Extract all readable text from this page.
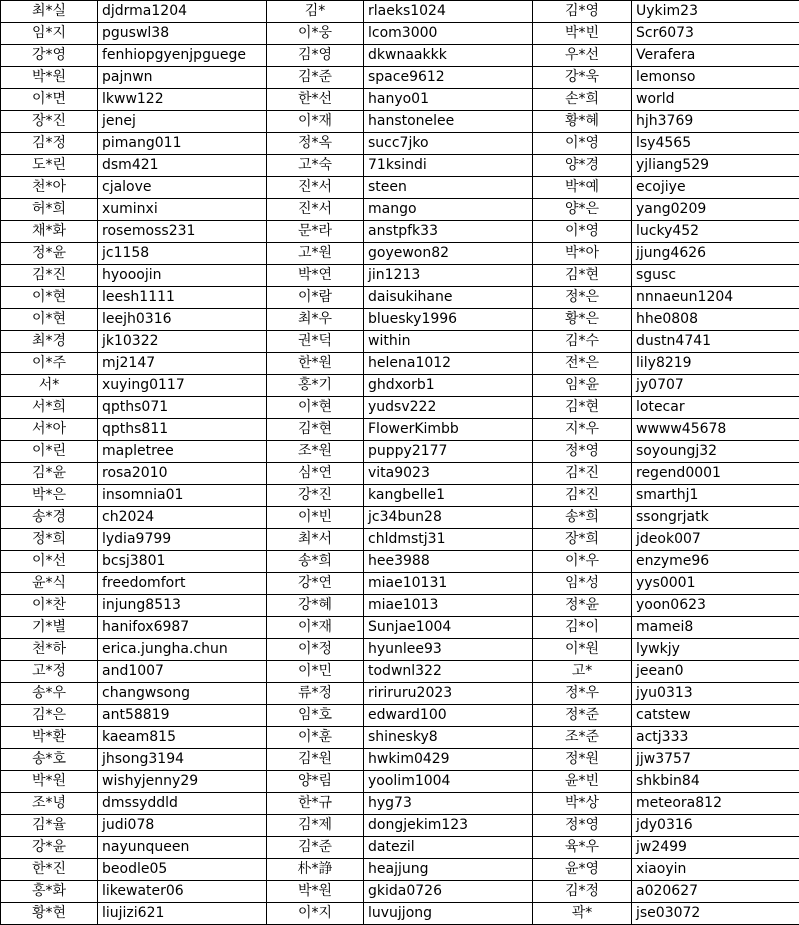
최*실	djdrma1204	김*	rlaeks1024	김*영	Uykim23
임*지	pguswl38	이*웅	lcom3000	박*빈	Scr6073
강*영	fenhiopgyenjpguege	김*영	dkwnaakkk	우*선	Verafera
박*원	pajnwn	김*준	space9612	강*욱	lemonso
이*면	lkww122	한*선	hanyo01	손*희	world
장*진	jenej	이*재	hanstonelee	황*혜	hjh3769
김*정	pimang011	정*옥	succ7jko	이*영	lsy4565
도*린	dsm421	고*숙	71ksindi	양*경	yjliang529
천*아	cjalove	진*서	steen	박*예	ecojiye
허*희	xuminxi	진*서	mango	양*은	yang0209
채*화	rosemoss231	문*라	anstpfk33	이*영	lucky452
정*윤	jc1158	고*원	goyewon82	박*아	jjung4626
김*진	hyooojin	박*연	jin1213	김*현	sgusc
이*현	leesh1111	이*람	daisukihane	정*은	nnnaeun1204
이*현	leejh0316	최*우	bluesky1996	황*은	hhe0808
최*경	jk10322	권*덕	within	김*수	dustn4741
이*주	mj2147	한*원	helena1012	전*은	lily8219
서*	xuying0117	홍*기	ghdxorb1	임*윤	jy0707
서*희	qpths071	이*현	yudsv222	김*현	lotecar
서*아	qpths811	김*현	FlowerKimbb	지*우	wwww45678
이*린	mapletree	조*원	puppy2177	정*영	soyoungj32
김*윤	rosa2010	심*연	vita9023	김*진	regend0001
박*은	insomnia01	강*진	kangbelle1	김*진	smarthj1
송*경	ch2024	이*빈	jc34bun28	송*희	ssongrjatk
정*희	lydia9799	최*서	chldmstj31	장*희	jdeok007
이*선	bcsj3801	송*희	hee3988	이*우	enzyme96
윤*식	freedomfort	강*연	miae10131	임*성	yys0001
이*찬	injung8513	강*혜	miae1013	정*윤	yoon0623
기*별	hanifox6987	이*재	Sunjae1004	김*이	mamei8
천*하	erica.jungha.chun	이*정	hyunlee93	이*원	lywkjy
고*정	and1007	이*민	todwnl322	고*	jeean0
송*우	changwsong	류*정	ririruru2023	정*우	jyu0313
김*은	ant58819	임*호	edward100	정*준	catstew
박*환	kaeam815	이*훈	shinesky8	조*준	actj333
송*호	jhsong3194	김*원	hwkim0429	정*원	jjw3757
박*원	wishyjenny29	양*림	yoolim1004	윤*빈	shkbin84
조*녕	dmssyddld	한*규	hyg73	박*상	meteora812
김*율	judi078	김*제	dongjekim123	정*영	jdy0316
강*윤	nayunqueen	김*준	datezil	육*우	jw2499
한*진	beodle05	朴*諍	heajjung	윤*영	xiaoyin
홍*화	likewater06	박*원	gkida0726	김*정	a020627
황*현	liujizi621	이*지	luvujjong	곽*	jse03072
